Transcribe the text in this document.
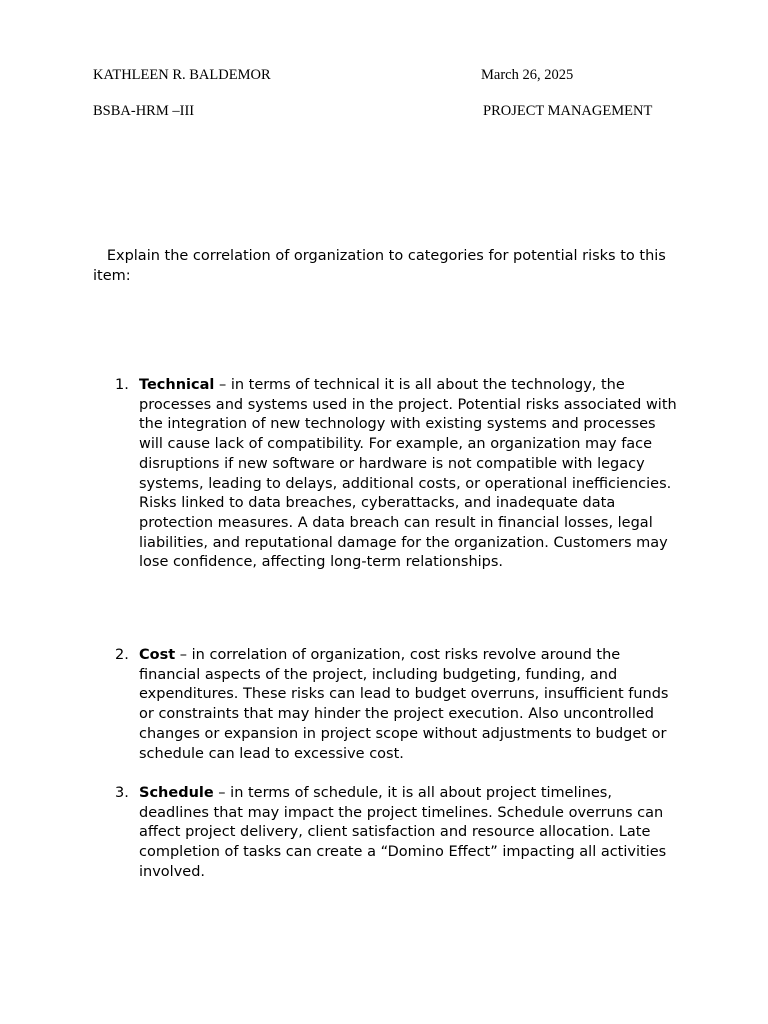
KATHLEEN R. BALDEMOR	March 26, 2025
BSBA-HRM –III	PROJECT MANAGEMENT
Explain the correlation of organization to categories for potential risks to this item:
1. Technical – in terms of technical it is all about the technology, the processes and systems used in the project. Potential risks associated with the integration of new technology with existing systems and processes will cause lack of compatibility. For example, an organization may face disruptions if new software or hardware is not compatible with legacy systems, leading to delays, additional costs, or operational inefficiencies. Risks linked to data breaches, cyberattacks, and inadequate data protection measures. A data breach can result in financial losses, legal liabilities, and reputational damage for the organization. Customers may lose confidence, affecting long-term relationships.
2. Cost – in correlation of organization, cost risks revolve around the financial aspects of the project, including budgeting, funding, and expenditures. These risks can lead to budget overruns, insufficient funds or constraints that may hinder the project execution. Also uncontrolled changes or expansion in project scope without adjustments to budget or schedule can lead to excessive cost.
3. Schedule – in terms of schedule, it is all about project timelines, deadlines that may impact the project timelines. Schedule overruns can affect project delivery, client satisfaction and resource allocation. Late completion of tasks can create a “Domino Effect” impacting all activities involved.
